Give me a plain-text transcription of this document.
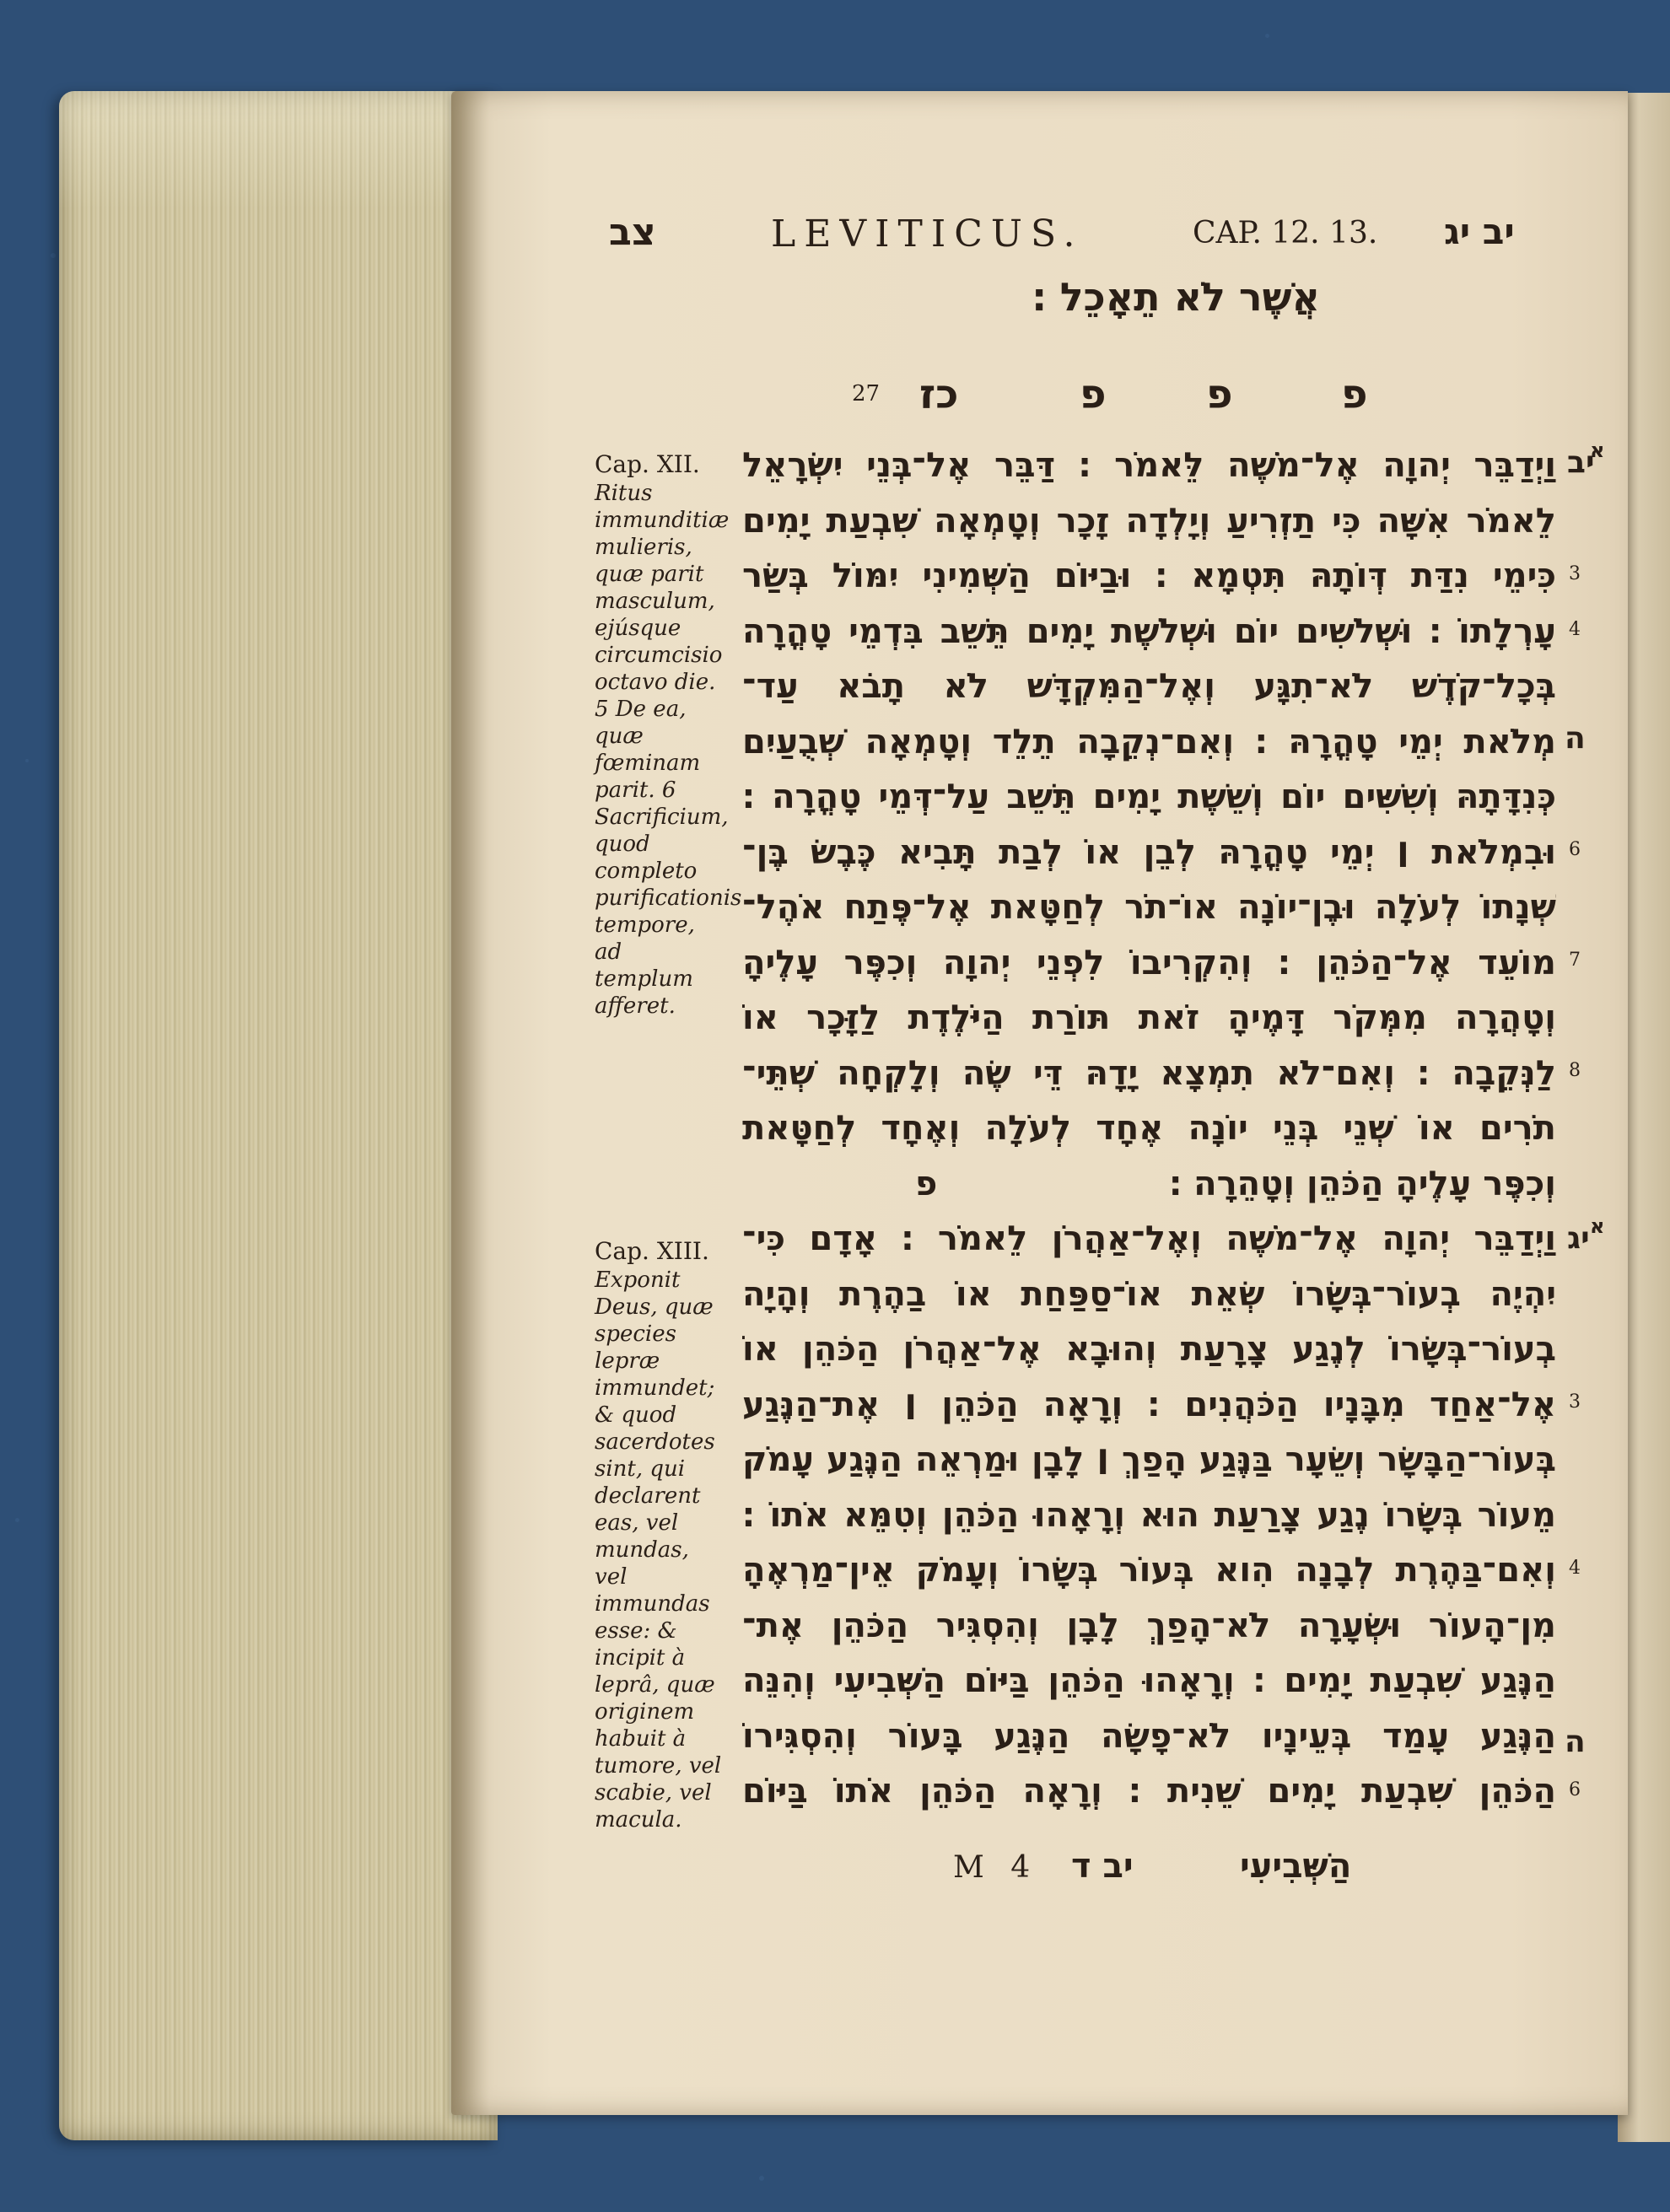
צב	LEVITICUS.	CAP. 12. 13. יב יג
אֲשֶׁר לֹא תֵאָכֵל ׃
27 כז	פ פ	פ
Cap. XII.
Ritus immunditiæ mulieris, quæ parit masculum, ejúsque circumcisio octavo die. 5 De ea, quæ fœminam parit. 6 Sacrificium, quod completo purificationis tempore, ad templum afferet.
Cap. XIII.
Exponit Deus, quæ species lepræ immundet; & quod sacerdotes sint, qui declarent eas, vel mundas, vel immundas esse: & incipit à leprâ, quæ originem habuit à tumore, vel scabie, vel macula.
יב
א
יג א
ה
ה
3
4
6
7
8
3
4
6
וַיְדַבֵּר יְהוָה אֶל־מֹשֶׁה לֵּאמֹר ׃ דַּבֵּר אֶל־בְּנֵי יִשְׂרָאֵל
לֵאמֹר אִשָּׁה כִּי תַזְרִיעַ וְיָלְדָה זָכָר וְטָמְאָה שִׁבְעַת יָמִים
כִּימֵי נִדַּת דְּוֺתָהּ תִּטְמָא ׃ וּבַיּוֹם הַשְּׁמִינִי יִמּוֹל בְּשַׂר
עָרְלָתוֹ ׃ וּשְׁלֹשִׁים יוֹם וּשְׁלֹשֶׁת יָמִים תֵּשֵׁב בִּדְמֵי טָהֳרָה
בְּכָל־קֹדֶשׁ לֹא־תִגָּע וְאֶל־הַמִּקְדָּשׁ לֹא תָבֹא עַד־
מְלֹאת יְמֵי טָהֳרָהּ ׃ וְאִם־נְקֵבָה תֵלֵד וְטָמְאָה שְׁבֻעַיִם
כְּנִדָּתָהּ וְשִׁשִּׁים יוֹם וְשֵׁשֶׁת יָמִים תֵּשֵׁב עַל־דְּמֵי טָהֳרָה ׃
וּבִמְלֹאת ׀ יְמֵי טָהֳרָהּ לְבֵן אוֹ לְבַת תָּבִיא כֶּבֶשׂ בֶּן־
שְׁנָתוֹ לְעֹלָה וּבֶן־יוֹנָה אוֹ־תֹר לְחַטָּאת אֶל־פֶּתַח אֹהֶל־
מוֹעֵד אֶל־הַכֹּהֵן ׃ וְהִקְרִיבוֹ לִפְנֵי יְהוָה וְכִפֶּר עָלֶיהָ
וְטָהֲרָה מִמְּקֹר דָּמֶיהָ זֹאת תּוֹרַת הַיֹּלֶדֶת לַזָּכָר אוֹ
לַנְּקֵבָה ׃ וְאִם־לֹא תִמְצָא יָדָהּ דֵּי שֶׂה וְלָקְחָה שְׁתֵּי־
תֹרִים אוֹ שְׁנֵי בְּנֵי יוֹנָה אֶחָד לְעֹלָה וְאֶחָד לְחַטָּאת
וְכִפֶּר עָלֶיהָ הַכֹּהֵן וְטָהֵרָה ׃
פ
וַיְדַבֵּר יְהוָה אֶל־מֹשֶׁה וְאֶל־אַהֲרֹן לֵאמֹר ׃ אָדָם כִּי־
יִהְיֶה בְעוֹר־בְּשָׂרוֹ שְׂאֵת אוֹ־סַפַּחַת אוֹ בַהֶרֶת וְהָיָה
בְעוֹר־בְּשָׂרוֹ לְנֶגַע צָרָעַת וְהוּבָא אֶל־אַהֲרֹן הַכֹּהֵן אוֹ
אֶל־אַחַד מִבָּנָיו הַכֹּהֲנִים ׃ וְרָאָה הַכֹּהֵן ׀ אֶת־הַנֶּגַע
בְּעוֹר־הַבָּשָׂר וְשֵׂעָר בַּנֶּגַע הָפַךְ ׀ לָבָן וּמַרְאֵה הַנֶּגַע עָמֹק
מֵעוֹר בְּשָׂרוֹ נֶגַע צָרַעַת הוּא וְרָאָהוּ הַכֹּהֵן וְטִמֵּא אֹתוֹ ׃
וְאִם־בַּהֶרֶת לְבָנָה הִוא בְּעוֹר בְּשָׂרוֹ וְעָמֹק אֵין־מַרְאֶהָ
מִן־הָעוֹר וּשְׂעָרָה לֹא־הָפַךְ לָבָן וְהִסְגִּיר הַכֹּהֵן אֶת־
הַנֶּגַע שִׁבְעַת יָמִים ׃ וְרָאָהוּ הַכֹּהֵן בַּיּוֹם הַשְּׁבִיעִי וְהִנֵּה
הַנֶּגַע עָמַד בְּעֵינָיו לֹא־פָשָׂה הַנֶּגַע בָּעוֹר וְהִסְגִּירוֹ
הַכֹּהֵן שִׁבְעַת יָמִים שֵׁנִית ׃ וְרָאָה הַכֹּהֵן אֹתוֹ בַּיּוֹם
יב ד
M 4	הַשְּׁבִיעִי
